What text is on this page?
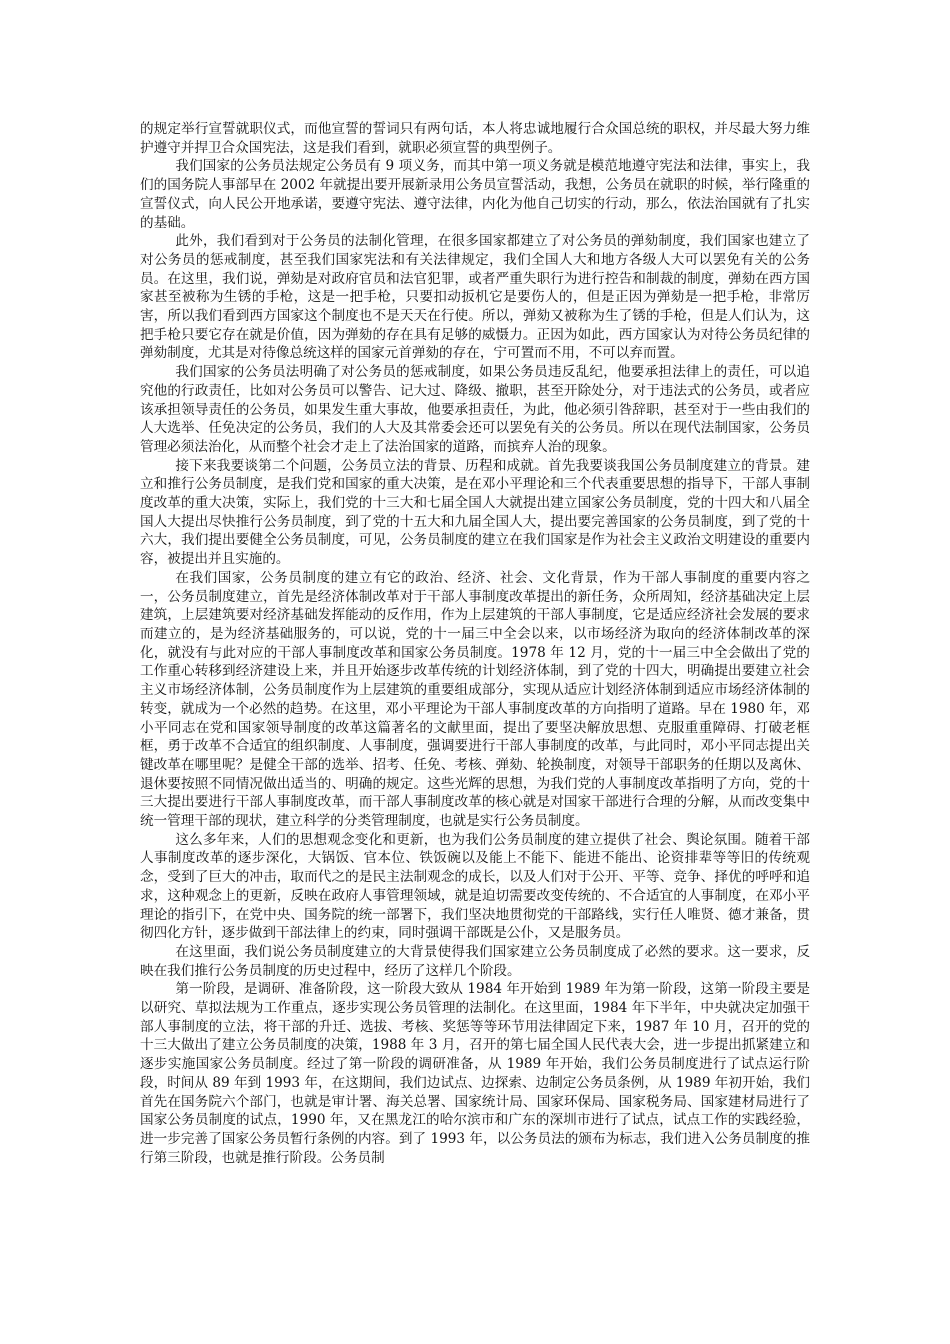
的规定举行宣誓就职仪式，而他宣誓的誓词只有两句话，本人将忠诚地履行合众国总统的职权，并尽最大努力维护遵守并捍卫合众国宪法，这是我们看到，就职必须宣誓的典型例子。

我们国家的公务员法规定公务员有 9 项义务，而其中第一项义务就是模范地遵守宪法和法律，事实上，我们的国务院人事部早在 2002 年就提出要开展新录用公务员宣誓活动，我想，公务员在就职的时候，举行隆重的宣誓仪式，向人民公开地承诺，要遵守宪法、遵守法律，内化为他自己切实的行动，那么，依法治国就有了扎实的基础。

此外，我们看到对于公务员的法制化管理，在很多国家都建立了对公务员的弹劾制度，我们国家也建立了对公务员的惩戒制度，甚至我们国家宪法和有关法律规定，我们全国人大和地方各级人大可以罢免有关的公务员。在这里，我们说，弹劾是对政府官员和法官犯罪，或者严重失职行为进行控告和制裁的制度，弹劾在西方国家甚至被称为生锈的手枪，这是一把手枪，只要扣动扳机它是要伤人的，但是正因为弹劾是一把手枪，非常厉害，所以我们看到西方国家这个制度也不是天天在行使。所以，弹劾又被称为生了锈的手枪，但是人们认为，这把手枪只要它存在就是价值，因为弹劾的存在具有足够的威慑力。正因为如此，西方国家认为对待公务员纪律的弹劾制度，尤其是对待像总统这样的国家元首弹劾的存在，宁可置而不用，不可以弃而置。

我们国家的公务员法明确了对公务员的惩戒制度，如果公务员违反乱纪，他要承担法律上的责任，可以追究他的行政责任，比如对公务员可以警告、记大过、降级、撤职，甚至开除处分，对于违法式的公务员，或者应该承担领导责任的公务员，如果发生重大事故，他要承担责任，为此，他必须引咎辞职，甚至对于一些由我们的人大选举、任免决定的公务员，我们的人大及其常委会还可以罢免有关的公务员。所以在现代法制国家，公务员管理必须法治化，从而整个社会才走上了法治国家的道路，而摈弃人治的现象。

接下来我要谈第二个问题，公务员立法的背景、历程和成就。首先我要谈我国公务员制度建立的背景。建立和推行公务员制度，是我们党和国家的重大决策，是在邓小平理论和三个代表重要思想的指导下，干部人事制度改革的重大决策，实际上，我们党的十三大和七届全国人大就提出建立国家公务员制度，党的十四大和八届全国人大提出尽快推行公务员制度，到了党的十五大和九届全国人大，提出要完善国家的公务员制度，到了党的十六大，我们提出要健全公务员制度，可见，公务员制度的建立在我们国家是作为社会主义政治文明建设的重要内容，被提出并且实施的。

在我们国家，公务员制度的建立有它的政治、经济、社会、文化背景，作为干部人事制度的重要内容之一，公务员制度建立，首先是经济体制改革对于干部人事制度改革提出的新任务，众所周知，经济基础决定上层建筑，上层建筑要对经济基础发挥能动的反作用，作为上层建筑的干部人事制度，它是适应经济社会发展的要求而建立的，是为经济基础服务的，可以说，党的十一届三中全会以来，以市场经济为取向的经济体制改革的深化，就没有与此对应的干部人事制度改革和国家公务员制度。1978 年 12 月，党的十一届三中全会做出了党的工作重心转移到经济建设上来，并且开始逐步改革传统的计划经济体制，到了党的十四大，明确提出要建立社会主义市场经济体制，公务员制度作为上层建筑的重要组成部分，实现从适应计划经济体制到适应市场经济体制的转变，就成为一个必然的趋势。在这里，邓小平理论为干部人事制度改革的方向指明了道路。早在 1980 年，邓小平同志在党和国家领导制度的改革这篇著名的文献里面，提出了要坚决解放思想、克服重重障碍、打破老框框，勇于改革不合适宜的组织制度、人事制度，强调要进行干部人事制度的改革，与此同时，邓小平同志提出关键改革在哪里呢？是健全干部的选举、招考、任免、考核、弹劾、轮换制度，对领导干部职务的任期以及离休、退休要按照不同情况做出适当的、明确的规定。这些光辉的思想，为我们党的人事制度改革指明了方向，党的十三大提出要进行干部人事制度改革，而干部人事制度改革的核心就是对国家干部进行合理的分解，从而改变集中统一管理干部的现状，建立科学的分类管理制度，也就是实行公务员制度。

这么多年来，人们的思想观念变化和更新，也为我们公务员制度的建立提供了社会、舆论氛围。随着干部人事制度改革的逐步深化，大锅饭、官本位、铁饭碗以及能上不能下、能进不能出、论资排辈等等旧的传统观念，受到了巨大的冲击，取而代之的是民主法制观念的成长，以及人们对于公开、平等、竞争、择优的呼呼和追求，这种观念上的更新，反映在政府人事管理领域，就是迫切需要改变传统的、不合适宜的人事制度，在邓小平理论的指引下，在党中央、国务院的统一部署下，我们坚决地贯彻党的干部路线，实行任人唯贤、德才兼备，贯彻四化方针，逐步做到干部法律上的约束，同时强调干部既是公仆，又是服务员。

在这里面，我们说公务员制度建立的大背景使得我们国家建立公务员制度成了必然的要求。这一要求，反映在我们推行公务员制度的历史过程中，经历了这样几个阶段。

第一阶段，是调研、准备阶段，这一阶段大致从 1984 年开始到 1989 年为第一阶段，这第一阶段主要是以研究、草拟法规为工作重点，逐步实现公务员管理的法制化。在这里面，1984 年下半年，中央就决定加强干部人事制度的立法，将干部的升迁、选拔、考核、奖惩等等环节用法律固定下来，1987 年 10 月，召开的党的十三大做出了建立公务员制度的决策，1988 年 3 月，召开的第七届全国人民代表大会，进一步提出抓紧建立和逐步实施国家公务员制度。经过了第一阶段的调研准备，从 1989 年开始，我们公务员制度进行了试点运行阶段，时间从 89 年到 1993 年，在这期间，我们边试点、边探索、边制定公务员条例，从 1989 年初开始，我们首先在国务院六个部门，也就是审计署、海关总署、国家统计局、国家环保局、国家税务局、国家建材局进行了国家公务员制度的试点，1990 年，又在黑龙江的哈尔滨市和广东的深圳市进行了试点，试点工作的实践经验，进一步完善了国家公务员暂行条例的内容。到了 1993 年，以公务员法的颁布为标志，我们进入公务员制度的推行第三阶段，也就是推行阶段。公务员制
